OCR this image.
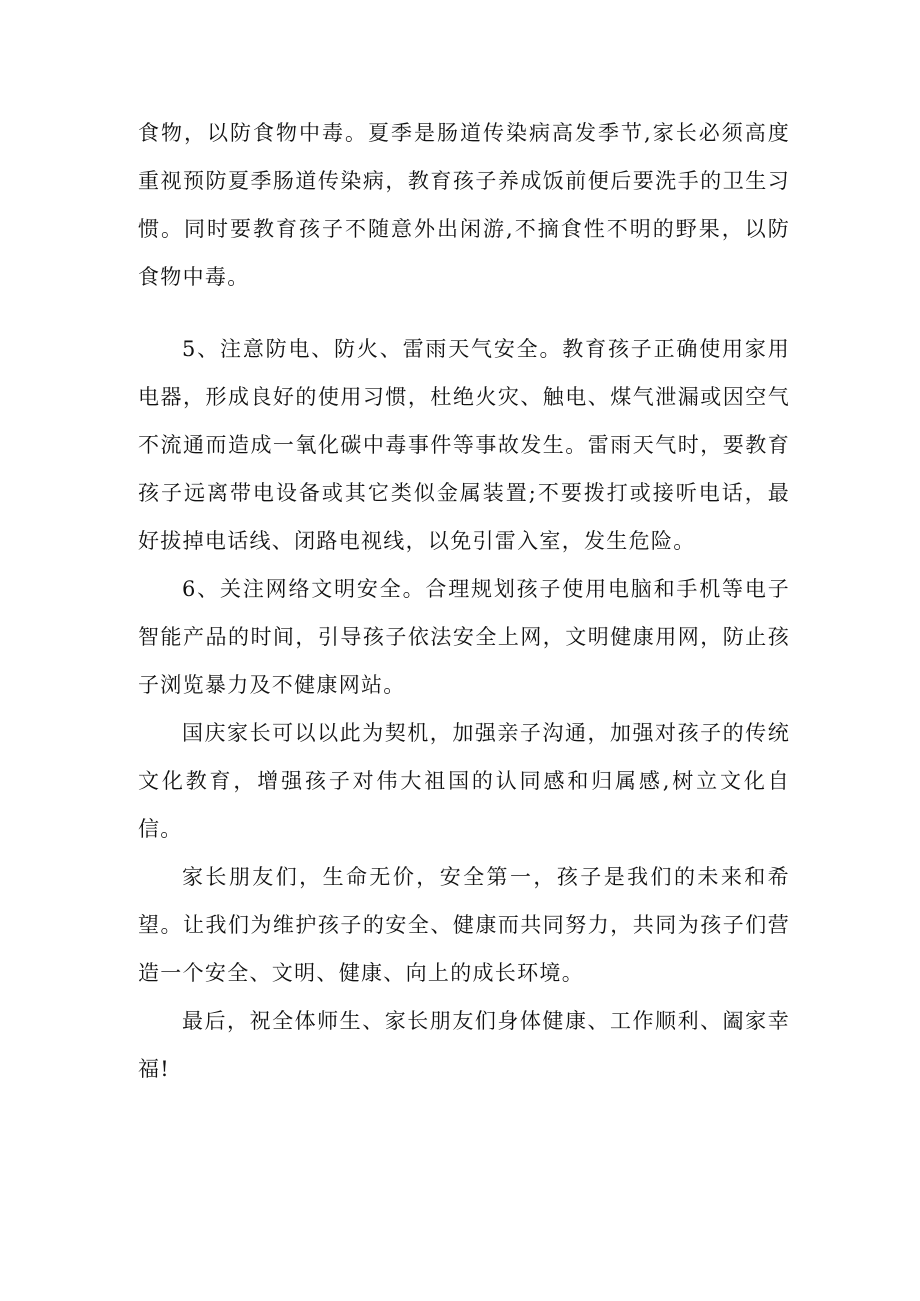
食物，以防食物中毒。夏季是肠道传染病高发季节,家长必须高度重视预防夏季肠道传染病，教育孩子养成饭前便后要洗手的卫生习惯。同时要教育孩子不随意外出闲游,不摘食性不明的野果，以防食物中毒。

5、注意防电、防火、雷雨天气安全。教育孩子正确使用家用电器，形成良好的使用习惯，杜绝火灾、触电、煤气泄漏或因空气不流通而造成一氧化碳中毒事件等事故发生。雷雨天气时，要教育孩子远离带电设备或其它类似金属装置;不要拨打或接听电话，最好拔掉电话线、闭路电视线，以免引雷入室，发生危险。

6、关注网络文明安全。合理规划孩子使用电脑和手机等电子智能产品的时间，引导孩子依法安全上网，文明健康用网，防止孩子浏览暴力及不健康网站。

国庆家长可以以此为契机，加强亲子沟通，加强对孩子的传统文化教育，增强孩子对伟大祖国的认同感和归属感,树立文化自信。

家长朋友们，生命无价，安全第一，孩子是我们的未来和希望。让我们为维护孩子的安全、健康而共同努力，共同为孩子们营造一个安全、文明、健康、向上的成长环境。

最后，祝全体师生、家长朋友们身体健康、工作顺利、阖家幸福!
